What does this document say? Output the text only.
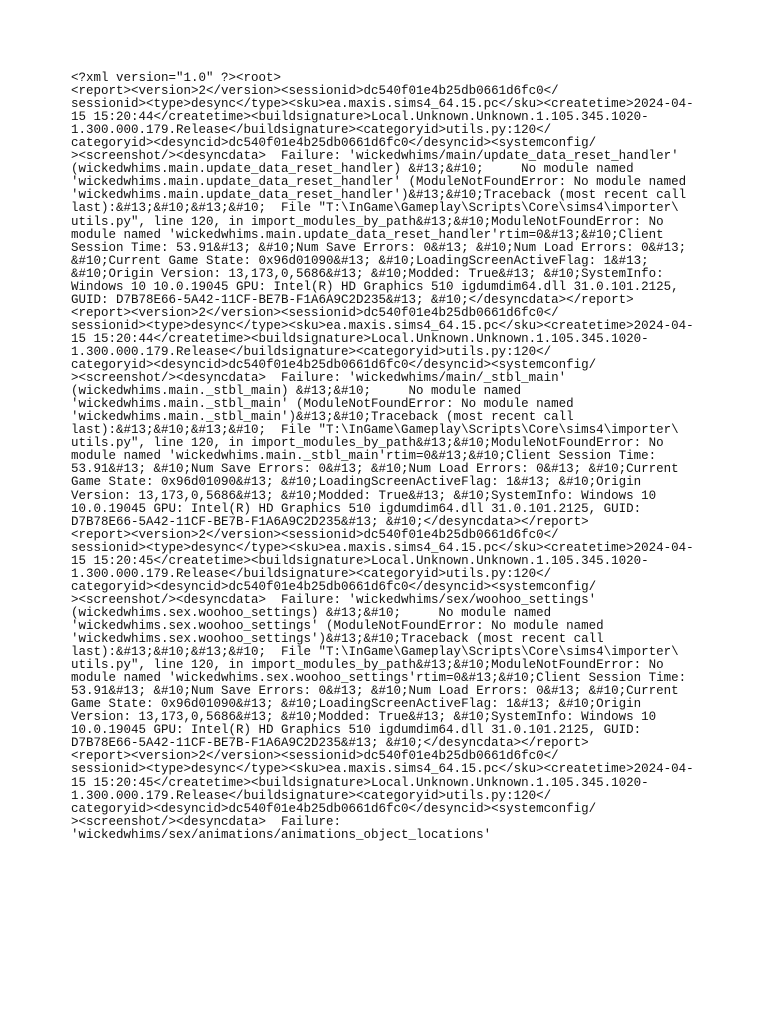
<?xml version="1.0" ?><root>
<report><version>2</version><sessionid>dc540f01e4b25db0661d6fc0</
sessionid><type>desync</type><sku>ea.maxis.sims4_64.15.pc</sku><createtime>2024-04-
15 15:20:44</createtime><buildsignature>Local.Unknown.Unknown.1.105.345.1020-
1.300.000.179.Release</buildsignature><categoryid>utils.py:120</
categoryid><desyncid>dc540f01e4b25db0661d6fc0</desyncid><systemconfig/
><screenshot/><desyncdata>  Failure: 'wickedwhims/main/update_data_reset_handler'
(wickedwhims.main.update_data_reset_handler) &#13;&#10;     No module named
'wickedwhims.main.update_data_reset_handler' (ModuleNotFoundError: No module named
'wickedwhims.main.update_data_reset_handler')&#13;&#10;Traceback (most recent call
last):&#13;&#10;&#13;&#10;  File "T:\InGame\Gameplay\Scripts\Core\sims4\importer\
utils.py", line 120, in import_modules_by_path&#13;&#10;ModuleNotFoundError: No
module named 'wickedwhims.main.update_data_reset_handler'rtim=0&#13;&#10;Client
Session Time: 53.91&#13; &#10;Num Save Errors: 0&#13; &#10;Num Load Errors: 0&#13;
&#10;Current Game State: 0x96d01090&#13; &#10;LoadingScreenActiveFlag: 1&#13;
&#10;Origin Version: 13,173,0,5686&#13; &#10;Modded: True&#13; &#10;SystemInfo:
Windows 10 10.0.19045 GPU: Intel(R) HD Graphics 510 igdumdim64.dll 31.0.101.2125,
GUID: D7B78E66-5A42-11CF-BE7B-F1A6A9C2D235&#13; &#10;</desyncdata></report>
<report><version>2</version><sessionid>dc540f01e4b25db0661d6fc0</
sessionid><type>desync</type><sku>ea.maxis.sims4_64.15.pc</sku><createtime>2024-04-
15 15:20:44</createtime><buildsignature>Local.Unknown.Unknown.1.105.345.1020-
1.300.000.179.Release</buildsignature><categoryid>utils.py:120</
categoryid><desyncid>dc540f01e4b25db0661d6fc0</desyncid><systemconfig/
><screenshot/><desyncdata>  Failure: 'wickedwhims/main/_stbl_main'
(wickedwhims.main._stbl_main) &#13;&#10;     No module named
'wickedwhims.main._stbl_main' (ModuleNotFoundError: No module named
'wickedwhims.main._stbl_main')&#13;&#10;Traceback (most recent call
last):&#13;&#10;&#13;&#10;  File "T:\InGame\Gameplay\Scripts\Core\sims4\importer\
utils.py", line 120, in import_modules_by_path&#13;&#10;ModuleNotFoundError: No
module named 'wickedwhims.main._stbl_main'rtim=0&#13;&#10;Client Session Time:
53.91&#13; &#10;Num Save Errors: 0&#13; &#10;Num Load Errors: 0&#13; &#10;Current
Game State: 0x96d01090&#13; &#10;LoadingScreenActiveFlag: 1&#13; &#10;Origin
Version: 13,173,0,5686&#13; &#10;Modded: True&#13; &#10;SystemInfo: Windows 10
10.0.19045 GPU: Intel(R) HD Graphics 510 igdumdim64.dll 31.0.101.2125, GUID:
D7B78E66-5A42-11CF-BE7B-F1A6A9C2D235&#13; &#10;</desyncdata></report>
<report><version>2</version><sessionid>dc540f01e4b25db0661d6fc0</
sessionid><type>desync</type><sku>ea.maxis.sims4_64.15.pc</sku><createtime>2024-04-
15 15:20:45</createtime><buildsignature>Local.Unknown.Unknown.1.105.345.1020-
1.300.000.179.Release</buildsignature><categoryid>utils.py:120</
categoryid><desyncid>dc540f01e4b25db0661d6fc0</desyncid><systemconfig/
><screenshot/><desyncdata>  Failure: 'wickedwhims/sex/woohoo_settings'
(wickedwhims.sex.woohoo_settings) &#13;&#10;     No module named
'wickedwhims.sex.woohoo_settings' (ModuleNotFoundError: No module named
'wickedwhims.sex.woohoo_settings')&#13;&#10;Traceback (most recent call
last):&#13;&#10;&#13;&#10;  File "T:\InGame\Gameplay\Scripts\Core\sims4\importer\
utils.py", line 120, in import_modules_by_path&#13;&#10;ModuleNotFoundError: No
module named 'wickedwhims.sex.woohoo_settings'rtim=0&#13;&#10;Client Session Time:
53.91&#13; &#10;Num Save Errors: 0&#13; &#10;Num Load Errors: 0&#13; &#10;Current
Game State: 0x96d01090&#13; &#10;LoadingScreenActiveFlag: 1&#13; &#10;Origin
Version: 13,173,0,5686&#13; &#10;Modded: True&#13; &#10;SystemInfo: Windows 10
10.0.19045 GPU: Intel(R) HD Graphics 510 igdumdim64.dll 31.0.101.2125, GUID:
D7B78E66-5A42-11CF-BE7B-F1A6A9C2D235&#13; &#10;</desyncdata></report>
<report><version>2</version><sessionid>dc540f01e4b25db0661d6fc0</
sessionid><type>desync</type><sku>ea.maxis.sims4_64.15.pc</sku><createtime>2024-04-
15 15:20:45</createtime><buildsignature>Local.Unknown.Unknown.1.105.345.1020-
1.300.000.179.Release</buildsignature><categoryid>utils.py:120</
categoryid><desyncid>dc540f01e4b25db0661d6fc0</desyncid><systemconfig/
><screenshot/><desyncdata>  Failure:
'wickedwhims/sex/animations/animations_object_locations'
